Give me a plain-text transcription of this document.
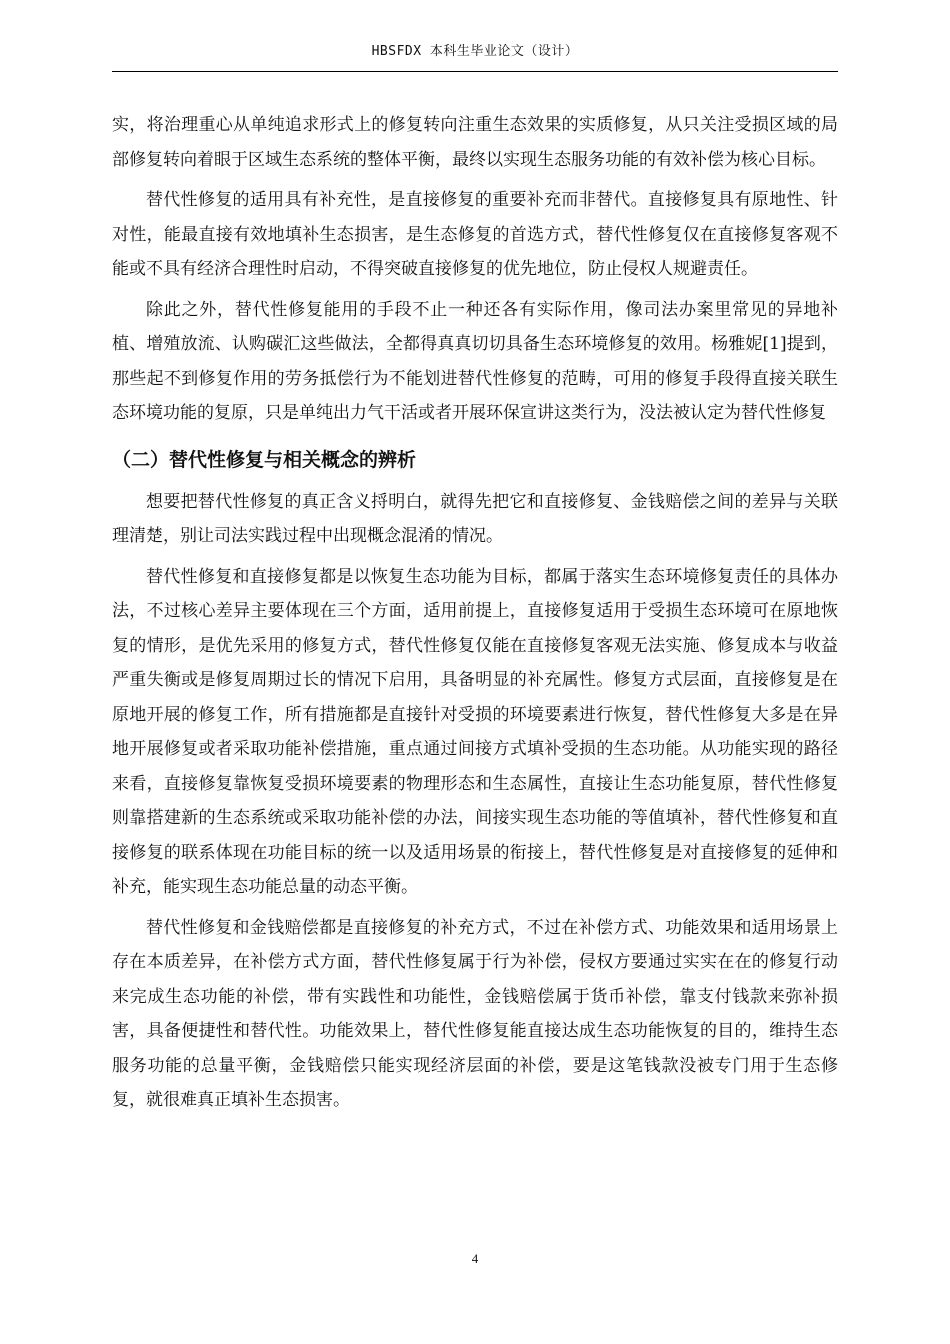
HBSFDX 本科生毕业论文（设计）

实，将治理重心从单纯追求形式上的修复转向注重生态效果的实质修复，从只关注受损区域的局部修复转向着眼于区域生态系统的整体平衡，最终以实现生态服务功能的有效补偿为核心目标。

替代性修复的适用具有补充性，是直接修复的重要补充而非替代。直接修复具有原地性、针对性，能最直接有效地填补生态损害，是生态修复的首选方式，替代性修复仅在直接修复客观不能或不具有经济合理性时启动，不得突破直接修复的优先地位，防止侵权人规避责任。

除此之外，替代性修复能用的手段不止一种还各有实际作用，像司法办案里常见的异地补植、增殖放流、认购碳汇这些做法，全都得真真切切具备生态环境修复的效用。杨雅妮[1]提到，那些起不到修复作用的劳务抵偿行为不能划进替代性修复的范畴，可用的修复手段得直接关联生态环境功能的复原，只是单纯出力气干活或者开展环保宣讲这类行为，没法被认定为替代性修复

（二）替代性修复与相关概念的辨析

想要把替代性修复的真正含义捋明白，就得先把它和直接修复、金钱赔偿之间的差异与关联理清楚，别让司法实践过程中出现概念混淆的情况。

替代性修复和直接修复都是以恢复生态功能为目标，都属于落实生态环境修复责任的具体办法，不过核心差异主要体现在三个方面，适用前提上，直接修复适用于受损生态环境可在原地恢复的情形，是优先采用的修复方式，替代性修复仅能在直接修复客观无法实施、修复成本与收益严重失衡或是修复周期过长的情况下启用，具备明显的补充属性。修复方式层面，直接修复是在原地开展的修复工作，所有措施都是直接针对受损的环境要素进行恢复，替代性修复大多是在异地开展修复或者采取功能补偿措施，重点通过间接方式填补受损的生态功能。从功能实现的路径来看，直接修复靠恢复受损环境要素的物理形态和生态属性，直接让生态功能复原，替代性修复则靠搭建新的生态系统或采取功能补偿的办法，间接实现生态功能的等值填补，替代性修复和直接修复的联系体现在功能目标的统一以及适用场景的衔接上，替代性修复是对直接修复的延伸和补充，能实现生态功能总量的动态平衡。

替代性修复和金钱赔偿都是直接修复的补充方式，不过在补偿方式、功能效果和适用场景上存在本质差异，在补偿方式方面，替代性修复属于行为补偿，侵权方要通过实实在在的修复行动来完成生态功能的补偿，带有实践性和功能性，金钱赔偿属于货币补偿，靠支付钱款来弥补损害，具备便捷性和替代性。功能效果上，替代性修复能直接达成生态功能恢复的目的，维持生态服务功能的总量平衡，金钱赔偿只能实现经济层面的补偿，要是这笔钱款没被专门用于生态修复，就很难真正填补生态损害。

4
